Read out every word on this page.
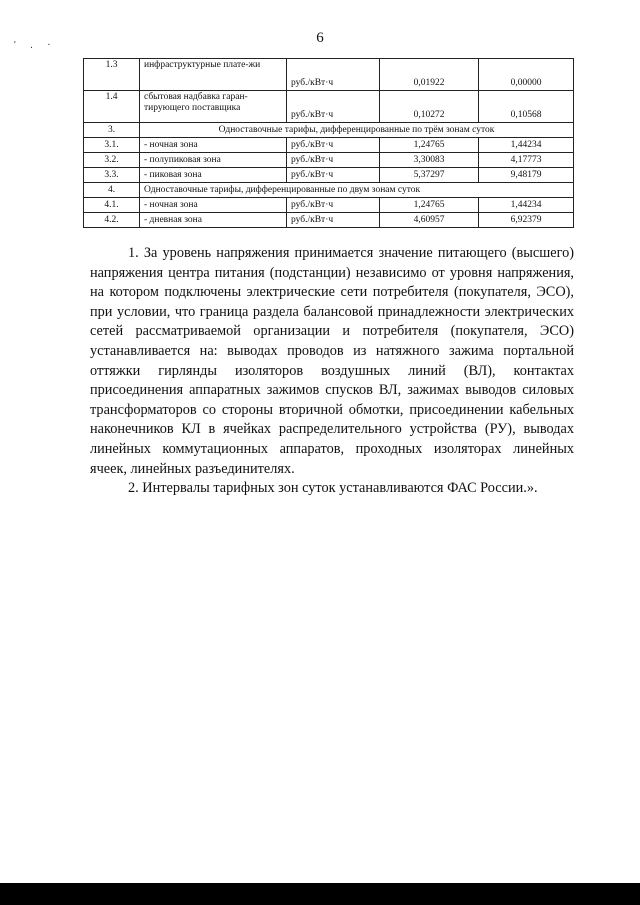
' . ·	6
1.3	инфраструктурные плате-жи	руб./кВт·ч	0,01922	0,00000
1.4	сбытовая надбавка гаран-тирующего поставщика	руб./кВт·ч	0,10272	0,10568
3.	Одноставочные тарифы, дифференцированные по трём зонам суток			
3.1.	- ночная зона	руб./кВт·ч	1,24765	1,44234
3.2.	- полупиковая зона	руб./кВт·ч	3,30083	4,17773
3.3.	- пиковая зона	руб./кВт·ч	5,37297	9,48179
4.	Одноставочные тарифы, дифференцированные по двум зонам суток			
4.1.	- ночная зона	руб./кВт·ч	1,24765	1,44234
4.2.	- дневная зона	руб./кВт·ч	4,60957	6,92379

1. За уровень напряжения принимается значение питающего (высшего) напряжения центра питания (подстанции) независимо от уровня напряжения, на котором подключены электрические сети потребителя (покупателя, ЭСО), при условии, что граница раздела балансовой принадлежности электрических сетей рассматриваемой организации и потребителя (покупателя, ЭСО) устанавливается на: выводах проводов из натяжного зажима портальной оттяжки гирлянды изоляторов воздушных линий (ВЛ), контактах присоединения аппаратных зажимов спусков ВЛ, зажимах выводов силовых трансформаторов со стороны вторичной обмотки, присоединении кабельных наконечников КЛ в ячейках распределительного устройства (РУ), выводах линейных коммутационных аппаратов, проходных изоляторах линейных ячеек, линейных разъединителях.

2. Интервалы тарифных зон суток устанавливаются ФАС России.».
